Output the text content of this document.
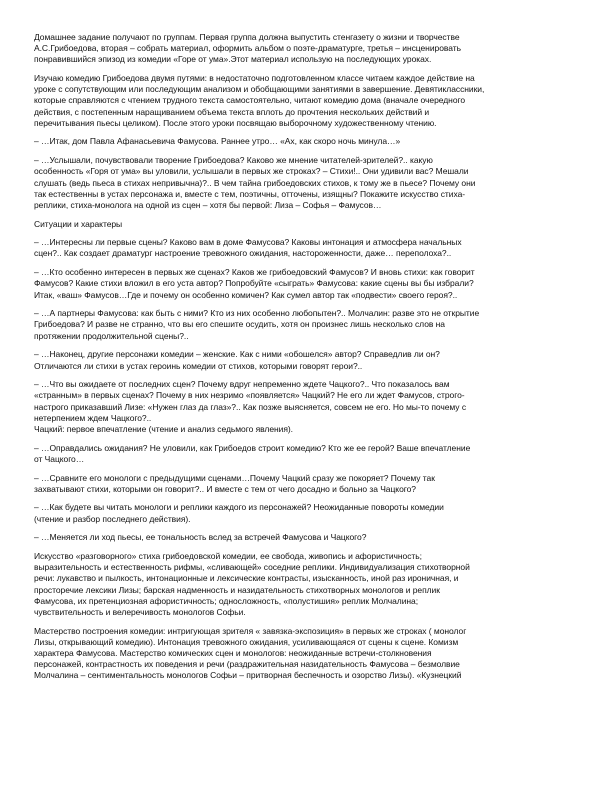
Домашнее задание получают по группам. Первая группа должна выпустить стенгазету о жизни и творчестве
А.С.Грибоедова, вторая – собрать материал, оформить альбом о поэте-драматурге, третья – инсценировать
понравившийся эпизод из комедии «Горе от ума».Этот материал использую на последующих уроках.

Изучаю комедию Грибоедова двумя путями: в недостаточно подготовленном классе читаем каждое действие на
уроке с сопутствующим или последующим анализом и обобщающими занятиями в завершение. Девятиклассники,
которые справляются с чтением трудного текста самостоятельно, читают комедию дома (вначале очередного
действия, с постепенным наращиванием объема текста вплоть до прочтения нескольких действий и
перечитывания пьесы целиком). После этого уроки посвящаю выборочному художественному чтению.

– …Итак, дом Павла Афанасьевича Фамусова. Раннее утро… «Ах, как скоро ночь минула…»

– …Услышали, почувствовали творение Грибоедова? Каково же мнение читателей-зрителей?.. какую
особенность «Горя от ума» вы уловили, услышали в первых же строках? – Стихи!.. Они удивили вас? Мешали
слушать (ведь пьеса в стихах непривычна)?.. В чем тайна грибоедовских стихов, к тому же в пьесе? Почему они
так естественны в устах персонажа и, вместе с тем, поэтичны, отточены, изящны? Покажите искусство стиха-
реплики, стиха-монолога на одной из сцен – хотя бы первой: Лиза – Софья – Фамусов…

Ситуации и характеры

– …Интересны ли первые сцены? Каково вам в доме Фамусова? Каковы интонация и атмосфера начальных
сцен?.. Как создает драматург настроение тревожного ожидания, настороженности, даже… переполоха?..

– …Кто особенно интересен в первых же сценах? Каков же грибоедовский Фамусов? И вновь стихи: как говорит
Фамусов? Какие стихи вложил в его уста автор? Попробуйте «сыграть» Фамусова: какие сцены вы бы избрали?
Итак, «ваш» Фамусов…Где и почему он особенно комичен? Как сумел автор так «подвести» своего героя?..

– …А партнеры Фамусова: как быть с ними? Кто из них особенно любопытен?.. Молчалин: разве это не открытие
Грибоедова? И разве не странно, что вы его спешите осудить, хотя он произнес лишь несколько слов на
протяжении продолжительной сцены?..

– …Наконец, другие персонажи комедии – женские. Как с ними «обошелся» автор? Справедлив ли он?
Отличаются ли стихи в устах героинь комедии от стихов, которыми говорят герои?..

– …Что вы ожидаете от последних сцен? Почему вдруг непременно ждете Чацкого?.. Что показалось вам
«странным» в первых сценах? Почему в них незримо «появляется» Чацкий? Не его ли ждет Фамусов, строго-
настрого приказавший Лизе: «Нужен глаз да глаз»?.. Как позже выясняется, совсем не его. Но мы-то почему с
нетерпением ждем Чацкого?..

Чацкий: первое впечатление (чтение и анализ седьмого явления).

– …Оправдались ожидания? Не уловили, как Грибоедов строит комедию? Кто же ее герой? Ваше впечатление
от Чацкого…

– …Сравните его монологи с предыдущими сценами…Почему Чацкий сразу же покоряет? Почему так
захватывают стихи, которыми он говорит?.. И вместе с тем от чего досадно и больно за Чацкого?

– …Как будете вы читать монологи и реплики каждого из персонажей? Неожиданные повороты комедии
(чтение и разбор последнего действия).

– …Меняется ли ход пьесы, ее тональность вслед за встречей Фамусова и Чацкого?

Искусство «разговорного» стиха грибоедовской комедии, ее свобода, живопись и афористичность;
выразительность и естественность рифмы, «сливающей» соседние реплики. Индивидуализация стихотворной
речи: лукавство и пылкость, интонационные и лексические контрасты, изысканность, иной раз ироничная, и
просторечие лексики Лизы; барская надменность и назидательность стихотворных монологов и реплик
Фамусова, их претенциозная афористичность; односложность, «полустишия» реплик Молчалина;
чувствительность и велеречивость монологов Софьи.

Мастерство построения комедии: интригующая зрителя « завязка-экспозиция» в первых же строках ( монолог
Лизы, открывающий комедию). Интонация тревожного ожидания, усиливающаяся от сцены к сцене. Комизм
характера Фамусова. Мастерство комических сцен и монологов: неожиданные встречи-столкновения
персонажей, контрастность их поведения и речи (раздражительная назидательность Фамусова – безмолвие
Молчалина – сентиментальность монологов Софьи – притворная беспечность и озорство Лизы). «Кузнецкий
